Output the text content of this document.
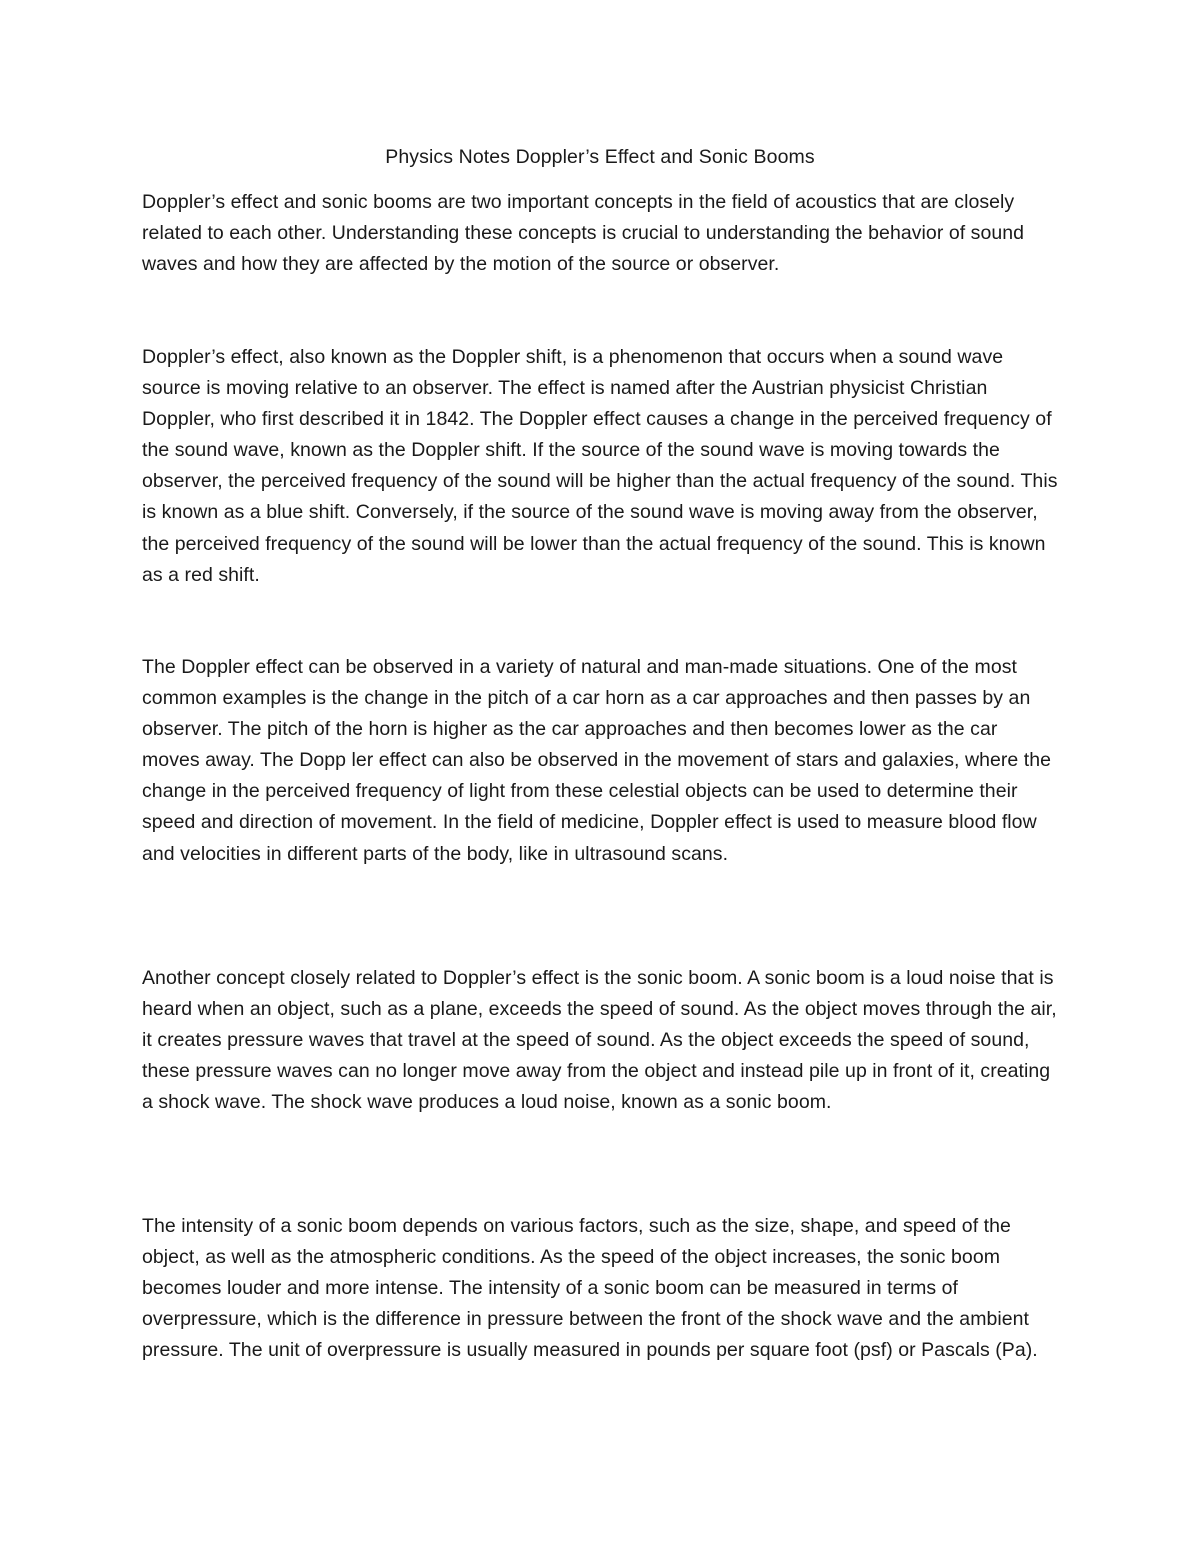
Physics Notes Doppler’s Effect and Sonic Booms

Doppler’s effect and sonic booms are two important concepts in the field of acoustics that are closely related to each other. Understanding these concepts is crucial to understanding the behavior of sound waves and how they are affected by the motion of the source or observer.

Doppler’s effect, also known as the Doppler shift, is a phenomenon that occurs when a sound wave source is moving relative to an observer. The effect is named after the Austrian physicist Christian Doppler, who first described it in 1842. The Doppler effect causes a change in the perceived frequency of the sound wave, known as the Doppler shift. If the source of the sound wave is moving towards the observer, the perceived frequency of the sound will be higher than the actual frequency of the sound. This is known as a blue shift. Conversely, if the source of the sound wave is moving away from the observer, the perceived frequency of the sound will be lower than the actual frequency of the sound. This is known as a red shift.

The Doppler effect can be observed in a variety of natural and man-made situations. One of the most common examples is the change in the pitch of a car horn as a car approaches and then passes by an observer. The pitch of the horn is higher as the car approaches and then becomes lower as the car moves away. The Dopp ler effect can also be observed in the movement of stars and galaxies, where the change in the perceived frequency of light from these celestial objects can be used to determine their speed and direction of movement. In the field of medicine, Doppler effect is used to measure blood flow and velocities in different parts of the body, like in ultrasound scans.

Another concept closely related to Doppler’s effect is the sonic boom. A sonic boom is a loud noise that is heard when an object, such as a plane, exceeds the speed of sound. As the object moves through the air, it creates pressure waves that travel at the speed of sound. As the object exceeds the speed of sound, these pressure waves can no longer move away from the object and instead pile up in front of it, creating a shock wave. The shock wave produces a loud noise, known as a sonic boom.

The intensity of a sonic boom depends on various factors, such as the size, shape, and speed of the object, as well as the atmospheric conditions. As the speed of the object increases, the sonic boom becomes louder and more intense. The intensity of a sonic boom can be measured in terms of overpressure, which is the difference in pressure between the front of the shock wave and the ambient pressure. The unit of overpressure is usually measured in pounds per square foot (psf) or Pascals (Pa).
